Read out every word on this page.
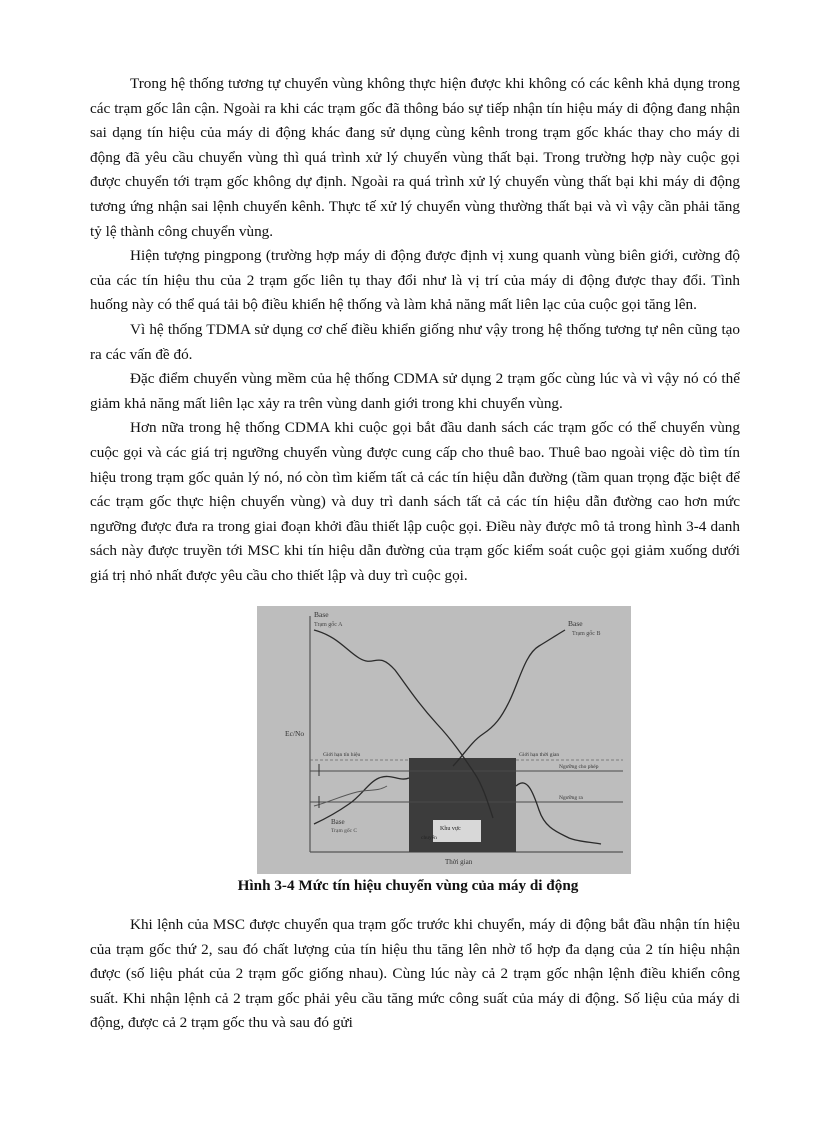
Trong hệ thống tương tự chuyển vùng không thực hiện được khi không có các kênh khả dụng trong các trạm gốc lân cận. Ngoài ra khi các trạm gốc đã thông báo sự tiếp nhận tín hiệu máy di động đang nhận sai dạng tín hiệu của máy di động khác đang sử dụng cùng kênh trong trạm gốc khác thay cho máy di động đã yêu cầu chuyển vùng thì quá trình xử lý chuyển vùng thất bại. Trong trường hợp này cuộc gọi được chuyển tới trạm gốc không dự định. Ngoài ra quá trình xử lý chuyển vùng thất bại khi máy di động tương ứng nhận sai lệnh chuyển kênh. Thực tế xử lý chuyển vùng thường thất bại và vì vậy cần phải tăng tỷ lệ thành công chuyển vùng.

Hiện tượng pingpong (trường hợp máy di động được định vị xung quanh vùng biên giới, cường độ của các tín hiệu thu của 2 trạm gốc liên tụ thay đổi như là vị trí của máy di động được thay đổi. Tình huống này có thể quá tải bộ điều khiển hệ thống và làm khả năng mất liên lạc của cuộc gọi tăng lên.

Vì hệ thống TDMA sử dụng cơ chế điều khiển giống như vậy trong hệ thống tương tự nên cũng tạo ra các vấn đề đó.

Đặc điểm chuyển vùng mềm của hệ thống CDMA sử dụng 2 trạm gốc cùng lúc và vì vậy nó có thể giảm khả năng mất liên lạc xảy ra trên vùng danh giới trong khi chuyển vùng.

Hơn nữa trong hệ thống CDMA khi cuộc gọi bắt đầu danh sách các trạm gốc có thể chuyển vùng cuộc gọi và các giá trị ngưỡng chuyển vùng được cung cấp cho thuê bao. Thuê bao ngoài việc dò tìm tín hiệu trong trạm gốc quản lý nó, nó còn tìm kiếm tất cả các tín hiệu dẫn đường (tầm quan trọng đặc biệt để các trạm gốc thực hiện chuyển vùng) và duy trì danh sách tất cả các tín hiệu dẫn đường cao hơn mức ngưỡng được đưa ra trong giai đoạn khởi đầu thiết lập cuộc gọi. Điều này được mô tả trong hình 3-4 danh sách này được truyền tới MSC khi tín hiệu dẫn đường của trạm gốc kiểm soát cuộc gọi giảm xuống dưới giá trị nhỏ nhất được yêu cầu cho thiết lập và duy trì cuộc gọi.

Base
Trạm gốc A	Base
Trạm gốc B
Ec/No
Giới hạn tín hiệu	Giới hạn thời gian
Ngưỡng cho phép
Ngưỡng ra
Base
Trạm gốc C	Khu vực
chuyển
Thời gian
Hình 3-4 Mức tín hiệu chuyển vùng của máy di động

Khi lệnh của MSC được chuyển qua trạm gốc trước khi chuyển, máy di động bắt đầu nhận tín hiệu của trạm gốc thứ 2, sau đó chất lượng của tín hiệu thu tăng lên nhờ tổ hợp đa dạng của 2 tín hiệu nhận được (số liệu phát của 2 trạm gốc giống nhau). Cùng lúc này cả 2 trạm gốc nhận lệnh điều khiển công suất. Khi nhận lệnh cả 2 trạm gốc phải yêu cầu tăng mức công suất của máy di động. Số liệu của máy di động, được cả 2 trạm gốc thu và sau đó gửi
